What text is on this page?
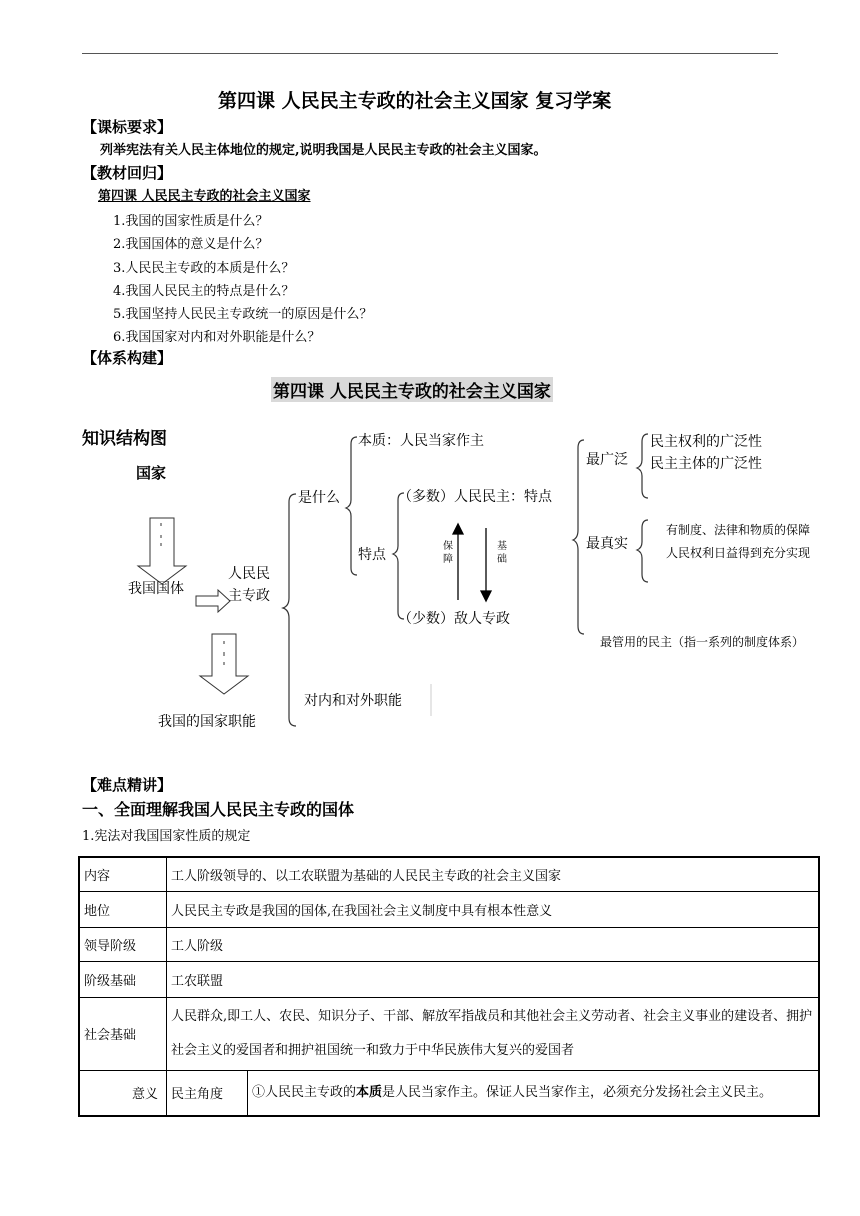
第四课 人民民主专政的社会主义国家 复习学案
【课标要求】
列举宪法有关人民主体地位的规定,说明我国是人民民主专政的社会主义国家。
【教材回归】
第四课 人民民主专政的社会主义国家
1.我国的国家性质是什么？
2.我国国体的意义是什么？
3.人民民主专政的本质是什么？
4.我国人民民主的特点是什么？
5.我国坚持人民民主专政统一的原因是什么？
6.我国国家对内和对外职能是什么？
【体系构建】
第四课 人民民主专政的社会主义国家
知识结构图
国家
我国国体
人民民
主专政
我国的国家职能
是什么
对内和对外职能
本质：人民当家作主
特点
（多数）人民民主：特点
（少数）敌人专政
保障
基础
最广泛
民主权利的广泛性
民主主体的广泛性
最真实
有制度、法律和物质的保障
人民权利日益得到充分实现
最管用的民主（指一系列的制度体系）
【难点精讲】
一、全面理解我国人民民主专政的国体
1.宪法对我国国家性质的规定
内容	工人阶级领导的、以工农联盟为基础的人民民主专政的社会主义国家	
地位	人民民主专政是我国的国体,在我国社会主义制度中具有根本性意义	
领导阶级	工人阶级	
阶级基础	工农联盟	
社会基础	人民群众,即工人、农民、知识分子、干部、解放军指战员和其他社会主义劳动者、社会主义事业的建设者、拥护社会主义的爱国者和拥护祖国统一和致力于中华民族伟大复兴的爱国者	
意义	民主角度	①人民民主专政的本质是人民当家作主。保证人民当家作主，必须充分发扬社会主义民主。
